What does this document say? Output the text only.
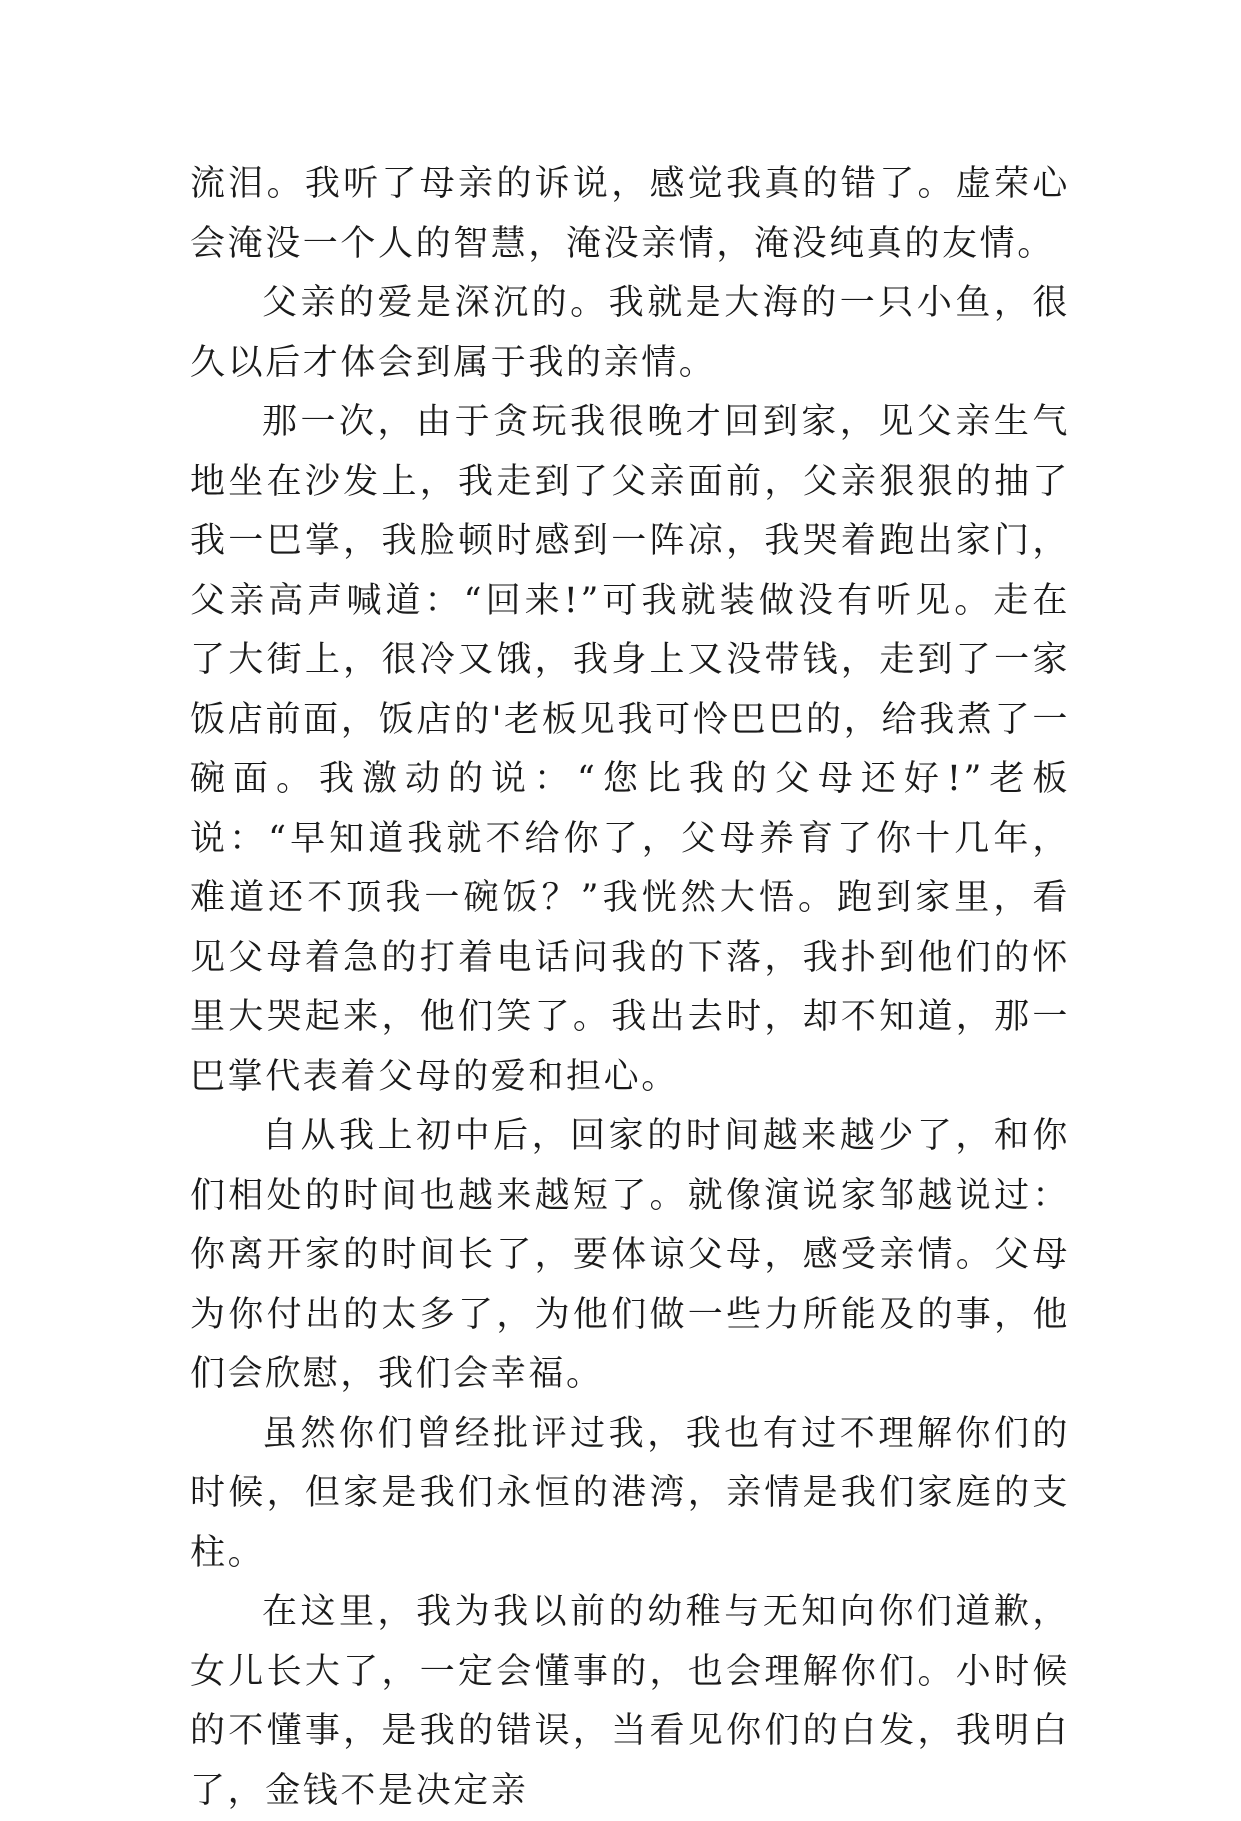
流泪。我听了母亲的诉说，感觉我真的错了。虚荣心会淹没一个人的智慧，淹没亲情，淹没纯真的友情。

父亲的爱是深沉的。我就是大海的一只小鱼，很久以后才体会到属于我的亲情。

那一次，由于贪玩我很晚才回到家，见父亲生气地坐在沙发上，我走到了父亲面前，父亲狠狠的抽了我一巴掌，我脸顿时感到一阵凉，我哭着跑出家门，父亲高声喊道：“回来!”可我就装做没有听见。走在了大街上，很冷又饿，我身上又没带钱，走到了一家饭店前面，饭店的'老板见我可怜巴巴的，给我煮了一碗面。我激动的说：“您比我的父母还好!”老板说：“早知道我就不给你了，父母养育了你十几年，难道还不顶我一碗饭？”我恍然大悟。跑到家里，看见父母着急的打着电话问我的下落，我扑到他们的怀里大哭起来，他们笑了。我出去时，却不知道，那一巴掌代表着父母的爱和担心。

自从我上初中后，回家的时间越来越少了，和你们相处的时间也越来越短了。就像演说家邹越说过：你离开家的时间长了，要体谅父母，感受亲情。父母为你付出的太多了，为他们做一些力所能及的事，他们会欣慰，我们会幸福。

虽然你们曾经批评过我，我也有过不理解你们的时候，但家是我们永恒的港湾，亲情是我们家庭的支柱。

在这里，我为我以前的幼稚与无知向你们道歉，女儿长大了，一定会懂事的，也会理解你们。小时候的不懂事，是我的错误，当看见你们的白发，我明白了，金钱不是决定亲
